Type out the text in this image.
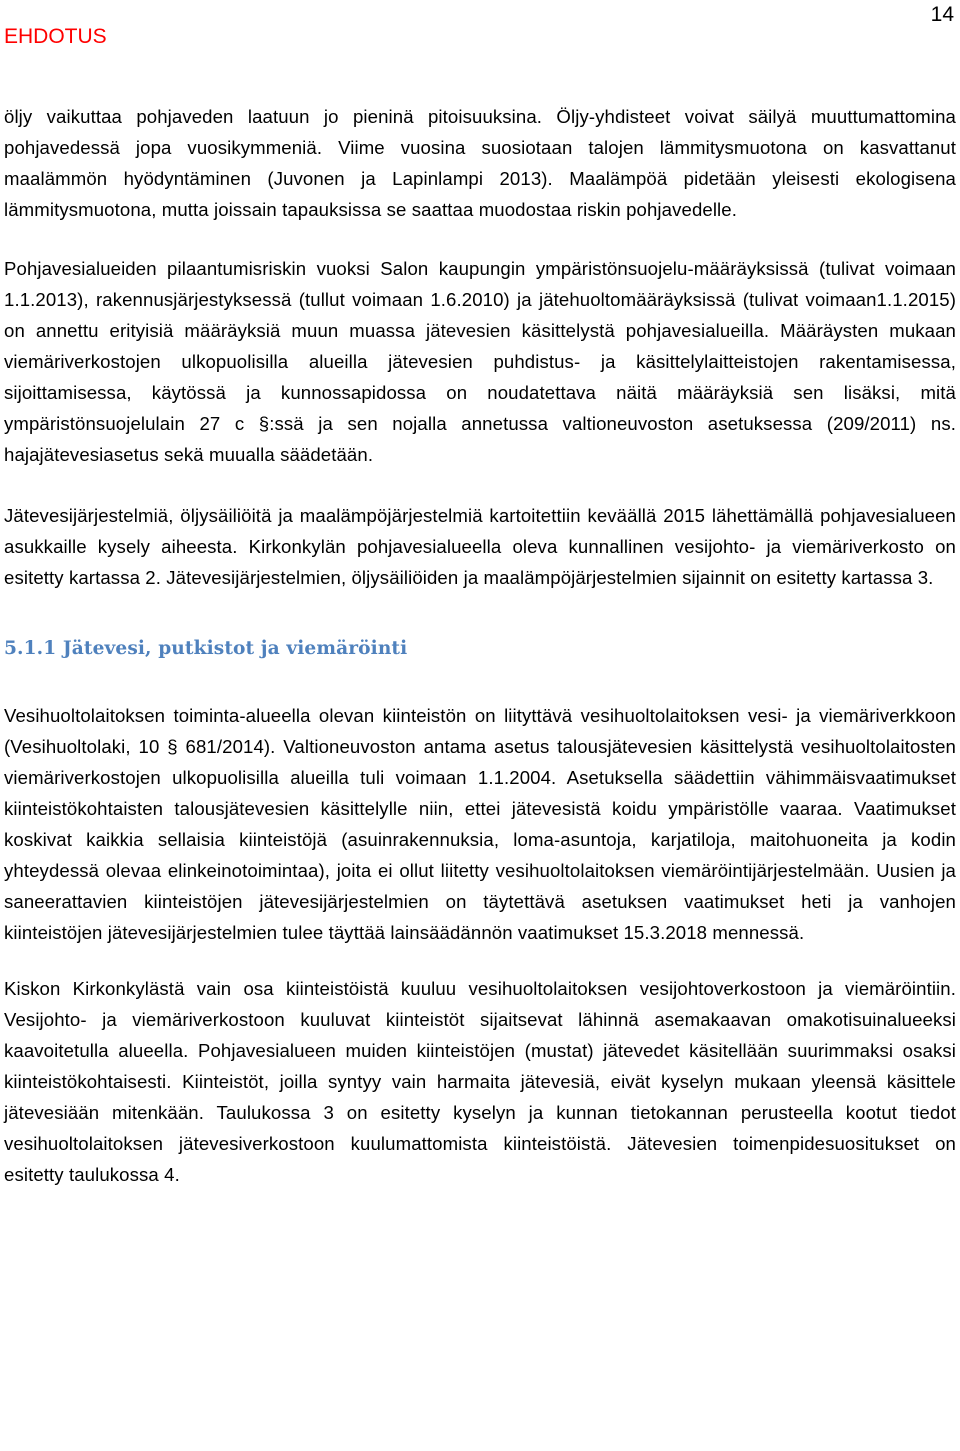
EHDOTUS
14

öljy vaikuttaa pohjaveden laatuun jo pieninä pitoisuuksina. Öljy-yhdisteet voivat säilyä muuttumattomina pohjavedessä jopa vuosikymmeniä. Viime vuosina suosiotaan talojen lämmitysmuotona on kasvattanut maalämmön hyödyntäminen (Juvonen ja Lapinlampi 2013). Maalämpöä pidetään yleisesti ekologisena lämmitysmuotona, mutta joissain tapauksissa se saattaa muodostaa riskin pohjavedelle.

Pohjavesialueiden pilaantumisriskin vuoksi Salon kaupungin ympäristönsuojelu-määräyksissä (tulivat voimaan 1.1.2013), rakennusjärjestyksessä (tullut voimaan 1.6.2010) ja jätehuoltomääräyksissä (tulivat voimaan1.1.2015) on annettu erityisiä määräyksiä muun muassa jätevesien käsittelystä pohjavesialueilla. Määräysten mukaan viemäriverkostojen ulkopuolisilla alueilla jätevesien puhdistus- ja käsittelylaitteistojen rakentamisessa, sijoittamisessa, käytössä ja kunnossapidossa on noudatettava näitä määräyksiä sen lisäksi, mitä ympäristönsuojelulain 27 c §:ssä ja sen nojalla annetussa valtioneuvoston asetuksessa (209/2011) ns. hajajätevesiasetus sekä muualla säädetään.

Jätevesijärjestelmiä, öljysäiliöitä ja maalämpöjärjestelmiä kartoitettiin keväällä 2015 lähettämällä pohjavesialueen asukkaille kysely aiheesta. Kirkonkylän pohjavesialueella oleva kunnallinen vesijohto- ja viemäriverkosto on esitetty kartassa 2. Jätevesijärjestelmien, öljysäiliöiden ja maalämpöjärjestelmien sijainnit on esitetty kartassa 3.

5.1.1 Jätevesi, putkistot ja viemäröinti

Vesihuoltolaitoksen toiminta-alueella olevan kiinteistön on liityttävä vesihuoltolaitoksen vesi- ja viemäriverkkoon (Vesihuoltolaki, 10 § 681/2014). Valtioneuvoston antama asetus talousjätevesien käsittelystä vesihuoltolaitosten viemäriverkostojen ulkopuolisilla alueilla tuli voimaan 1.1.2004. Asetuksella säädettiin vähimmäisvaatimukset kiinteistökohtaisten talousjätevesien käsittelylle niin, ettei jätevesistä koidu ympäristölle vaaraa. Vaatimukset koskivat kaikkia sellaisia kiinteistöjä (asuinrakennuksia, loma-asuntoja, karjatiloja, maitohuoneita ja kodin yhteydessä olevaa elinkeinotoimintaa), joita ei ollut liitetty vesihuoltolaitoksen viemäröintijärjestelmään. Uusien ja saneerattavien kiinteistöjen jätevesijärjestelmien on täytettävä asetuksen vaatimukset heti ja vanhojen kiinteistöjen jätevesijärjestelmien tulee täyttää lainsäädännön vaatimukset 15.3.2018 mennessä.

Kiskon Kirkonkylästä vain osa kiinteistöistä kuuluu vesihuoltolaitoksen vesijohtoverkostoon ja viemäröintiin. Vesijohto- ja viemäriverkostoon kuuluvat kiinteistöt sijaitsevat lähinnä asemakaavan omakotisuinalueeksi kaavoitetulla alueella. Pohjavesialueen muiden kiinteistöjen (mustat) jätevedet käsitellään suurimmaksi osaksi kiinteistökohtaisesti. Kiinteistöt, joilla syntyy vain harmaita jätevesiä, eivät kyselyn mukaan yleensä käsittele jätevesiään mitenkään. Taulukossa 3 on esitetty kyselyn ja kunnan tietokannan perusteella kootut tiedot vesihuoltolaitoksen jätevesiverkostoon kuulumattomista kiinteistöistä. Jätevesien toimenpidesuositukset on esitetty taulukossa 4.
